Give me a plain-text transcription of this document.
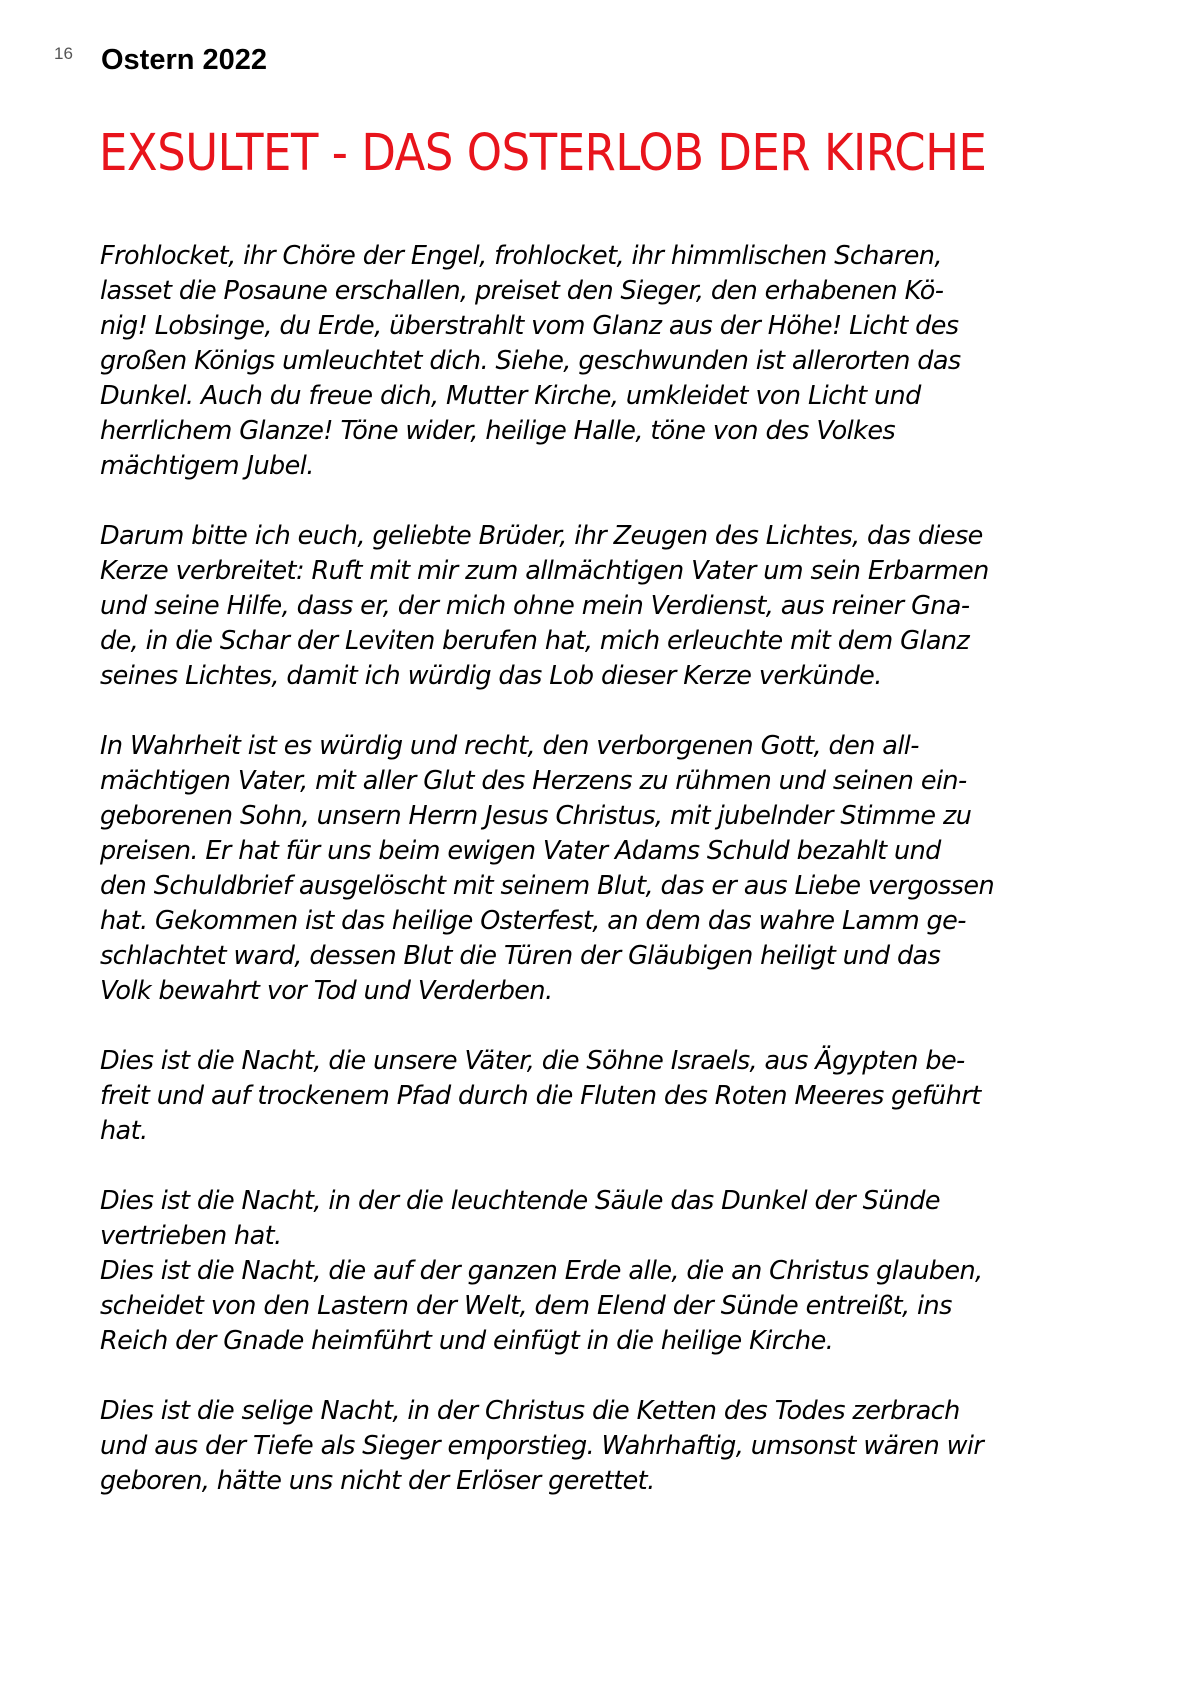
16 Ostern 2022
EXSULTET - DAS OSTERLOB DER KIRCHE

Frohlocket, ihr Chöre der Engel, frohlocket, ihr himmlischen Scharen,
lasset die Posaune erschallen, preiset den Sieger, den erhabenen Kö-
nig! Lobsinge, du Erde, überstrahlt vom Glanz aus der Höhe! Licht des
großen Königs umleuchtet dich. Siehe, geschwunden ist allerorten das
Dunkel. Auch du freue dich, Mutter Kirche, umkleidet von Licht und
herrlichem Glanze! Töne wider, heilige Halle, töne von des Volkes
mächtigem Jubel.

Darum bitte ich euch, geliebte Brüder, ihr Zeugen des Lichtes, das diese
Kerze verbreitet: Ruft mit mir zum allmächtigen Vater um sein Erbarmen
und seine Hilfe, dass er, der mich ohne mein Verdienst, aus reiner Gna-
de, in die Schar der Leviten berufen hat, mich erleuchte mit dem Glanz
seines Lichtes, damit ich würdig das Lob dieser Kerze verkünde.

In Wahrheit ist es würdig und recht, den verborgenen Gott, den all-
mächtigen Vater, mit aller Glut des Herzens zu rühmen und seinen ein-
geborenen Sohn, unsern Herrn Jesus Christus, mit jubelnder Stimme zu
preisen. Er hat für uns beim ewigen Vater Adams Schuld bezahlt und
den Schuldbrief ausgelöscht mit seinem Blut, das er aus Liebe vergossen
hat. Gekommen ist das heilige Osterfest, an dem das wahre Lamm ge-
schlachtet ward, dessen Blut die Türen der Gläubigen heiligt und das
Volk bewahrt vor Tod und Verderben.

Dies ist die Nacht, die unsere Väter, die Söhne Israels, aus Ägypten be-
freit und auf trockenem Pfad durch die Fluten des Roten Meeres geführt
hat.

Dies ist die Nacht, in der die leuchtende Säule das Dunkel der Sünde
vertrieben hat.

Dies ist die Nacht, die auf der ganzen Erde alle, die an Christus glauben,
scheidet von den Lastern der Welt, dem Elend der Sünde entreißt, ins
Reich der Gnade heimführt und einfügt in die heilige Kirche.

Dies ist die selige Nacht, in der Christus die Ketten des Todes zerbrach
und aus der Tiefe als Sieger emporstieg. Wahrhaftig, umsonst wären wir
geboren, hätte uns nicht der Erlöser gerettet.
